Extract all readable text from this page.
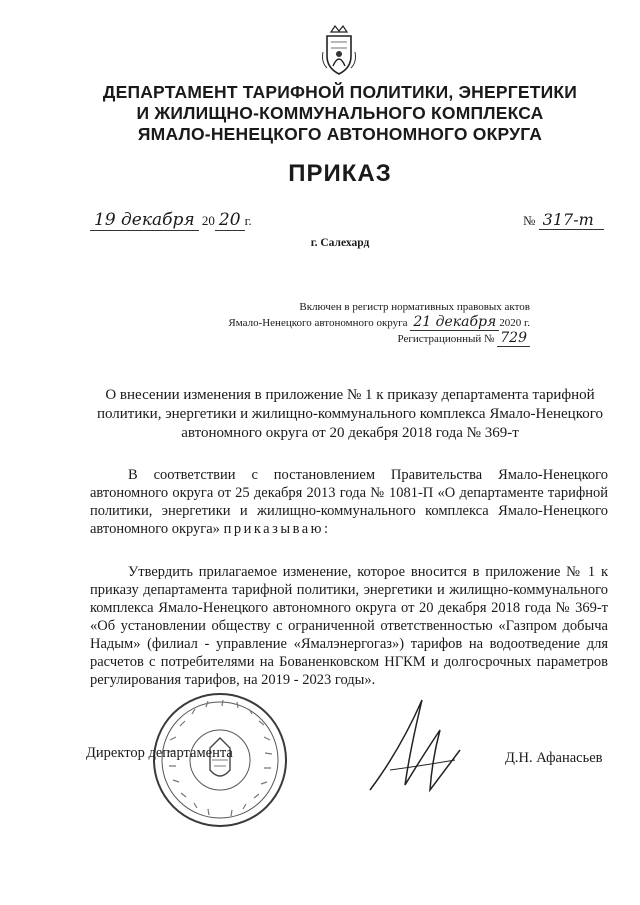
ДЕПАРТАМЕНТ ТАРИФНОЙ ПОЛИТИКИ, ЭНЕРГЕТИКИ
И ЖИЛИЩНО-КОММУНАЛЬНОГО КОМПЛЕКСА
ЯМАЛО-НЕНЕЦКОГО АВТОНОМНОГО ОКРУГА
ПРИКАЗ
19 декабря 20 20 г.	№ 317-т
г. Салехард
Включен в регистр нормативных правовых актов
Ямало-Ненецкого автономного округа 21 декабря 2020 г.
Регистрационный № 729
О внесении изменения в приложение № 1 к приказу департамента тарифной политики, энергетики и жилищно-коммунального комплекса Ямало-Ненецкого автономного округа от 20 декабря 2018 года № 369-т
В соответствии с постановлением Правительства Ямало-Ненецкого автономного округа от 25 декабря 2013 года № 1081-П «О департаменте тарифной политики, энергетики и жилищно-коммунального комплекса Ямало-Ненецкого автономного округа» приказываю:
Утвердить прилагаемое изменение, которое вносится в приложение № 1 к приказу департамента тарифной политики, энергетики и жилищно-коммунального комплекса Ямало-Ненецкого автономного округа от 20 декабря 2018 года № 369-т «Об установлении обществу с ограниченной ответственностью «Газпром добыча Надым» (филиал - управление «Ямалэнергогаз») тарифов на водоотведение для расчетов с потребителями на Бованенковском НГКМ и долгосрочных параметров регулирования тарифов, на 2019 - 2023 годы».
Директор департамента	Д.Н. Афанасьев
